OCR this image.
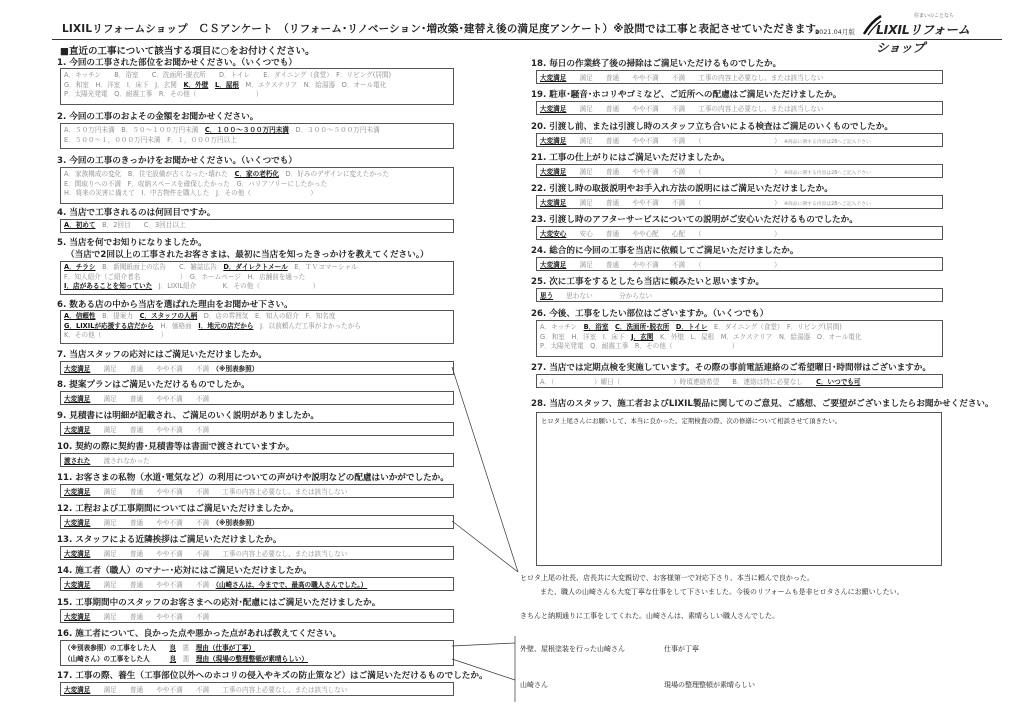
LIXILリフォームショップ　ＣＳアンケート　（リフォーム･リノベーション･増改築･建替え後の満足度アンケート）※設問では工事と表記させていただきます。
2021.04月版
住まいのことなら
LIXILリフォームショップ
■直近の工事について該当する項目に○をお付けください。
1. 今回の工事された部位をお聞かせください。（いくつでも）
A．キッチン　　B．浴室　　C．洗面所･脱衣所　　D．トイレ　　E．ダイニング（食堂）　F．リビング(居間)
G．和室　H．洋室　I．床下　J．玄関　 K．外壁　 L．屋根　 M．エクステリア　N．給湯器　O．オール電化
P．太陽光発電　Q．耐震工事　R．その他（　　　　　　　　　）
2. 今回の工事のおよその金額をお聞かせください。
A．５０万円未満　B．５０～１００万円未満　 C．１００～３００万円未満　 D．３００～５００万円未満
E．５００～１，０００万円未満　F．１，０００万円以上
3. 今回の工事のきっかけをお聞かせください。（いくつでも）
A．家族構成の変化　B．住宅設備が古くなった･壊れた　 C．家の老朽化　 D．好みのデザインに変えたかった
E．間取りへの不満　F．収納スペースを確保したかった　G．バリアフリーにしたかった
H．将来の災害に備えて　I．中古物件を購入した　J．その他（　　　　　　　　　）
4. 当店で工事されるのは何回目ですか。
A．初めて　 B．2回目　　C．3回目以上
5. 当店を何でお知りになりましたか。
（当店で2回以上の工事されたお客さまは、最初に当店を知ったきっかけを教えてください。）
A．チラシ　 B．新聞紙面上の広告　　C．雑誌広告　 D．ダイレクトメール　 E．ＴＶコマーシャル
F．知人紹介（ご紹介者名　　　　　　）　G．ホームページ　H．店舗前を通った
I．店があることを知っていた　 J．LIXIL紹介　　　　K．その他（　　　　　　　　）
6. 数ある店の中から当店を選ばれた理由をお聞かせ下さい。
A．信頼性　 B．提案力　 C．スタッフの人柄　 D．店の雰囲気　E．知人の紹介　F．知名度
G．LIXILが応援する店だから　 H．価格面　 I．地元の店だから　 J．以前頼んだ工事がよかったから
K．その他（　　　　　　　　　）
7. 当店スタッフの応対にはご満足いただけましたか。
大変満足　　 満足　　 普通　　 やや不満　　 不満　 （※別表参照）
8. 提案プランはご満足いただけるものでしたか。
大変満足　　 満足　　 普通　　 やや不満　　 不満
9. 見積書には明細が記載され、ご満足のいく説明がありましたか。
大変満足　　 満足　　 普通　　 やや不満　　 不満
10. 契約の際に契約書･見積書等は書面で渡されていますか。
渡された　　 渡されなかった
11. お客さまの私物（水道･電気など）の利用についての声がけや説明などの配慮はいかがでしたか。
大変満足　　 満足　　 普通　　 やや不満　　 不満　　 工事の内容上必要なし、または該当しない
12. 工程および工事期間についてはご満足いただけましたか。
大変満足　　 満足　　 普通　　 やや不満　　 不満　 （※別表参照）
13. スタッフによる近隣挨拶はご満足いただけましたか。
大変満足　　 満足　　 普通　　 やや不満　　 不満　　 工事の内容上必要なし、または該当しない
14. 施工者（職人）のマナー･応対にはご満足いただけましたか。
大変満足　　 満足　　 普通　　 やや不満　　 不満　 （山崎さんは、今までで、最高の職人さんでした。）
15. 工事期間中のスタッフのお客さまへの応対･配慮にはご満足いただけましたか。
大変満足　　 満足　　 普通　　 やや不満　　 不満
16. 施工者について、良かった点や悪かった点があれば教えてください。
（※別表参照）の工事をした人　　 良　 悪　 理由（仕事が丁寧）
（山崎さん）の工事をした人　　　	良　 悪　 理由（現場の整理整頓が素晴らしい）
17. 工事の際、養生（工事部位以外へのホコリの侵入やキズの防止策など）はご満足いただけるものでしたか。
大変満足　　 満足　　 普通　　 やや不満　　 不満　　 工事の内容上必要なし、または該当しない
18. 毎日の作業終了後の掃除はご満足いただけるものでしたか。
大変満足　　 満足　　 普通　　 やや不満　　 不満　　 工事の内容上必要なし、または該当しない
19. 駐車･騒音･ホコリやゴミなど、ご近所への配慮はご満足いただけましたか。
大変満足　　 満足　　 普通　　 やや不満　　 不満　　 工事の内容上必要なし、または該当しない
20. 引渡し前、または引渡し時のスタッフ立ち合いによる検査はご満足のいくものでしたか。
大変満足　　 満足　　 普通　　 やや不満　　 不満　　 （　　　　　　　　　　　）　 ※商品に関する内容は28へご記入下さい
21. 工事の仕上がりにはご満足いただけましたか。
大変満足　　 満足　　 普通　　 やや不満　　 不満　　 （　　　　　　　　　　　）　 ※商品に関する内容は28へご記入下さい
22. 引渡し時の取扱説明やお手入れ方法の説明にはご満足いただけましたか。
大変満足　　 満足　　 普通　　 やや不満　　 不満　　 （　　　　　　　　　　　）　 ※商品に関する内容は28へご記入下さい
23. 引渡し時のアフターサービスについての説明がご安心いただけるものでしたか。
大変安心　　 安心　　 普通　　 やや心配　　 心配　　 （　　　　　　　　　　　）
24. 総合的に今回の工事を当店に依頼してご満足いただけましたか。
大変満足　　 満足　　 普通　　 やや不満　　 不満　　 （　　　　　　　　　　　）
25. 次に工事をするとしたら当店に頼みたいと思いますか。
思う　　 思わない　　　　分からない
26. 今後、工事をしたい部位はございますか。（いくつでも）
A．キッチン　 B．浴室　 C．洗面所･脱衣所　 D．トイレ　 E．ダイニング（食堂）　F．リビング(居間)
G．和室　H．洋室　I．床下　 J．玄関　 K．外壁　L．屋根　M．エクステリア　N．給湯器　O．オール電化
P．太陽光発電　Q．耐震工事　R．その他（　　　　　　　　　）
27. 当店では定期点検を実施しています。その際の事前電話連絡のご希望曜日･時間帯はございますか。
A．（　　　　　　）曜日（　　　　　　　　）時頃連絡希望　　B．連絡は特に必要なし　　 C．いつでも可
28. 当店のスタッフ、施工者およびLIXIL製品に関してのご意見、ご感想、ご要望がございましたらお聞かせください。
ヒロタ上尾さんにお願いして、本当に良かった。定期検査の際、次の修繕について相談させて頂きたい。
ヒロタ上尾の社長、店長共に大変親切で、お客様第一で対応下さり、本当に頼んで良かった。
また、職人の山崎さんも大変丁寧な仕事をして下さいました。今後のリフォームも是非ヒロタさんにお願いしたい。
きちんと納期通りに工事をしてくれた。山崎さんは、素晴らしい職人さんでした。
外壁、屋根塗装を行った山崎さん	仕事が丁寧
山崎さん	現場の整理整頓が素晴らしい
